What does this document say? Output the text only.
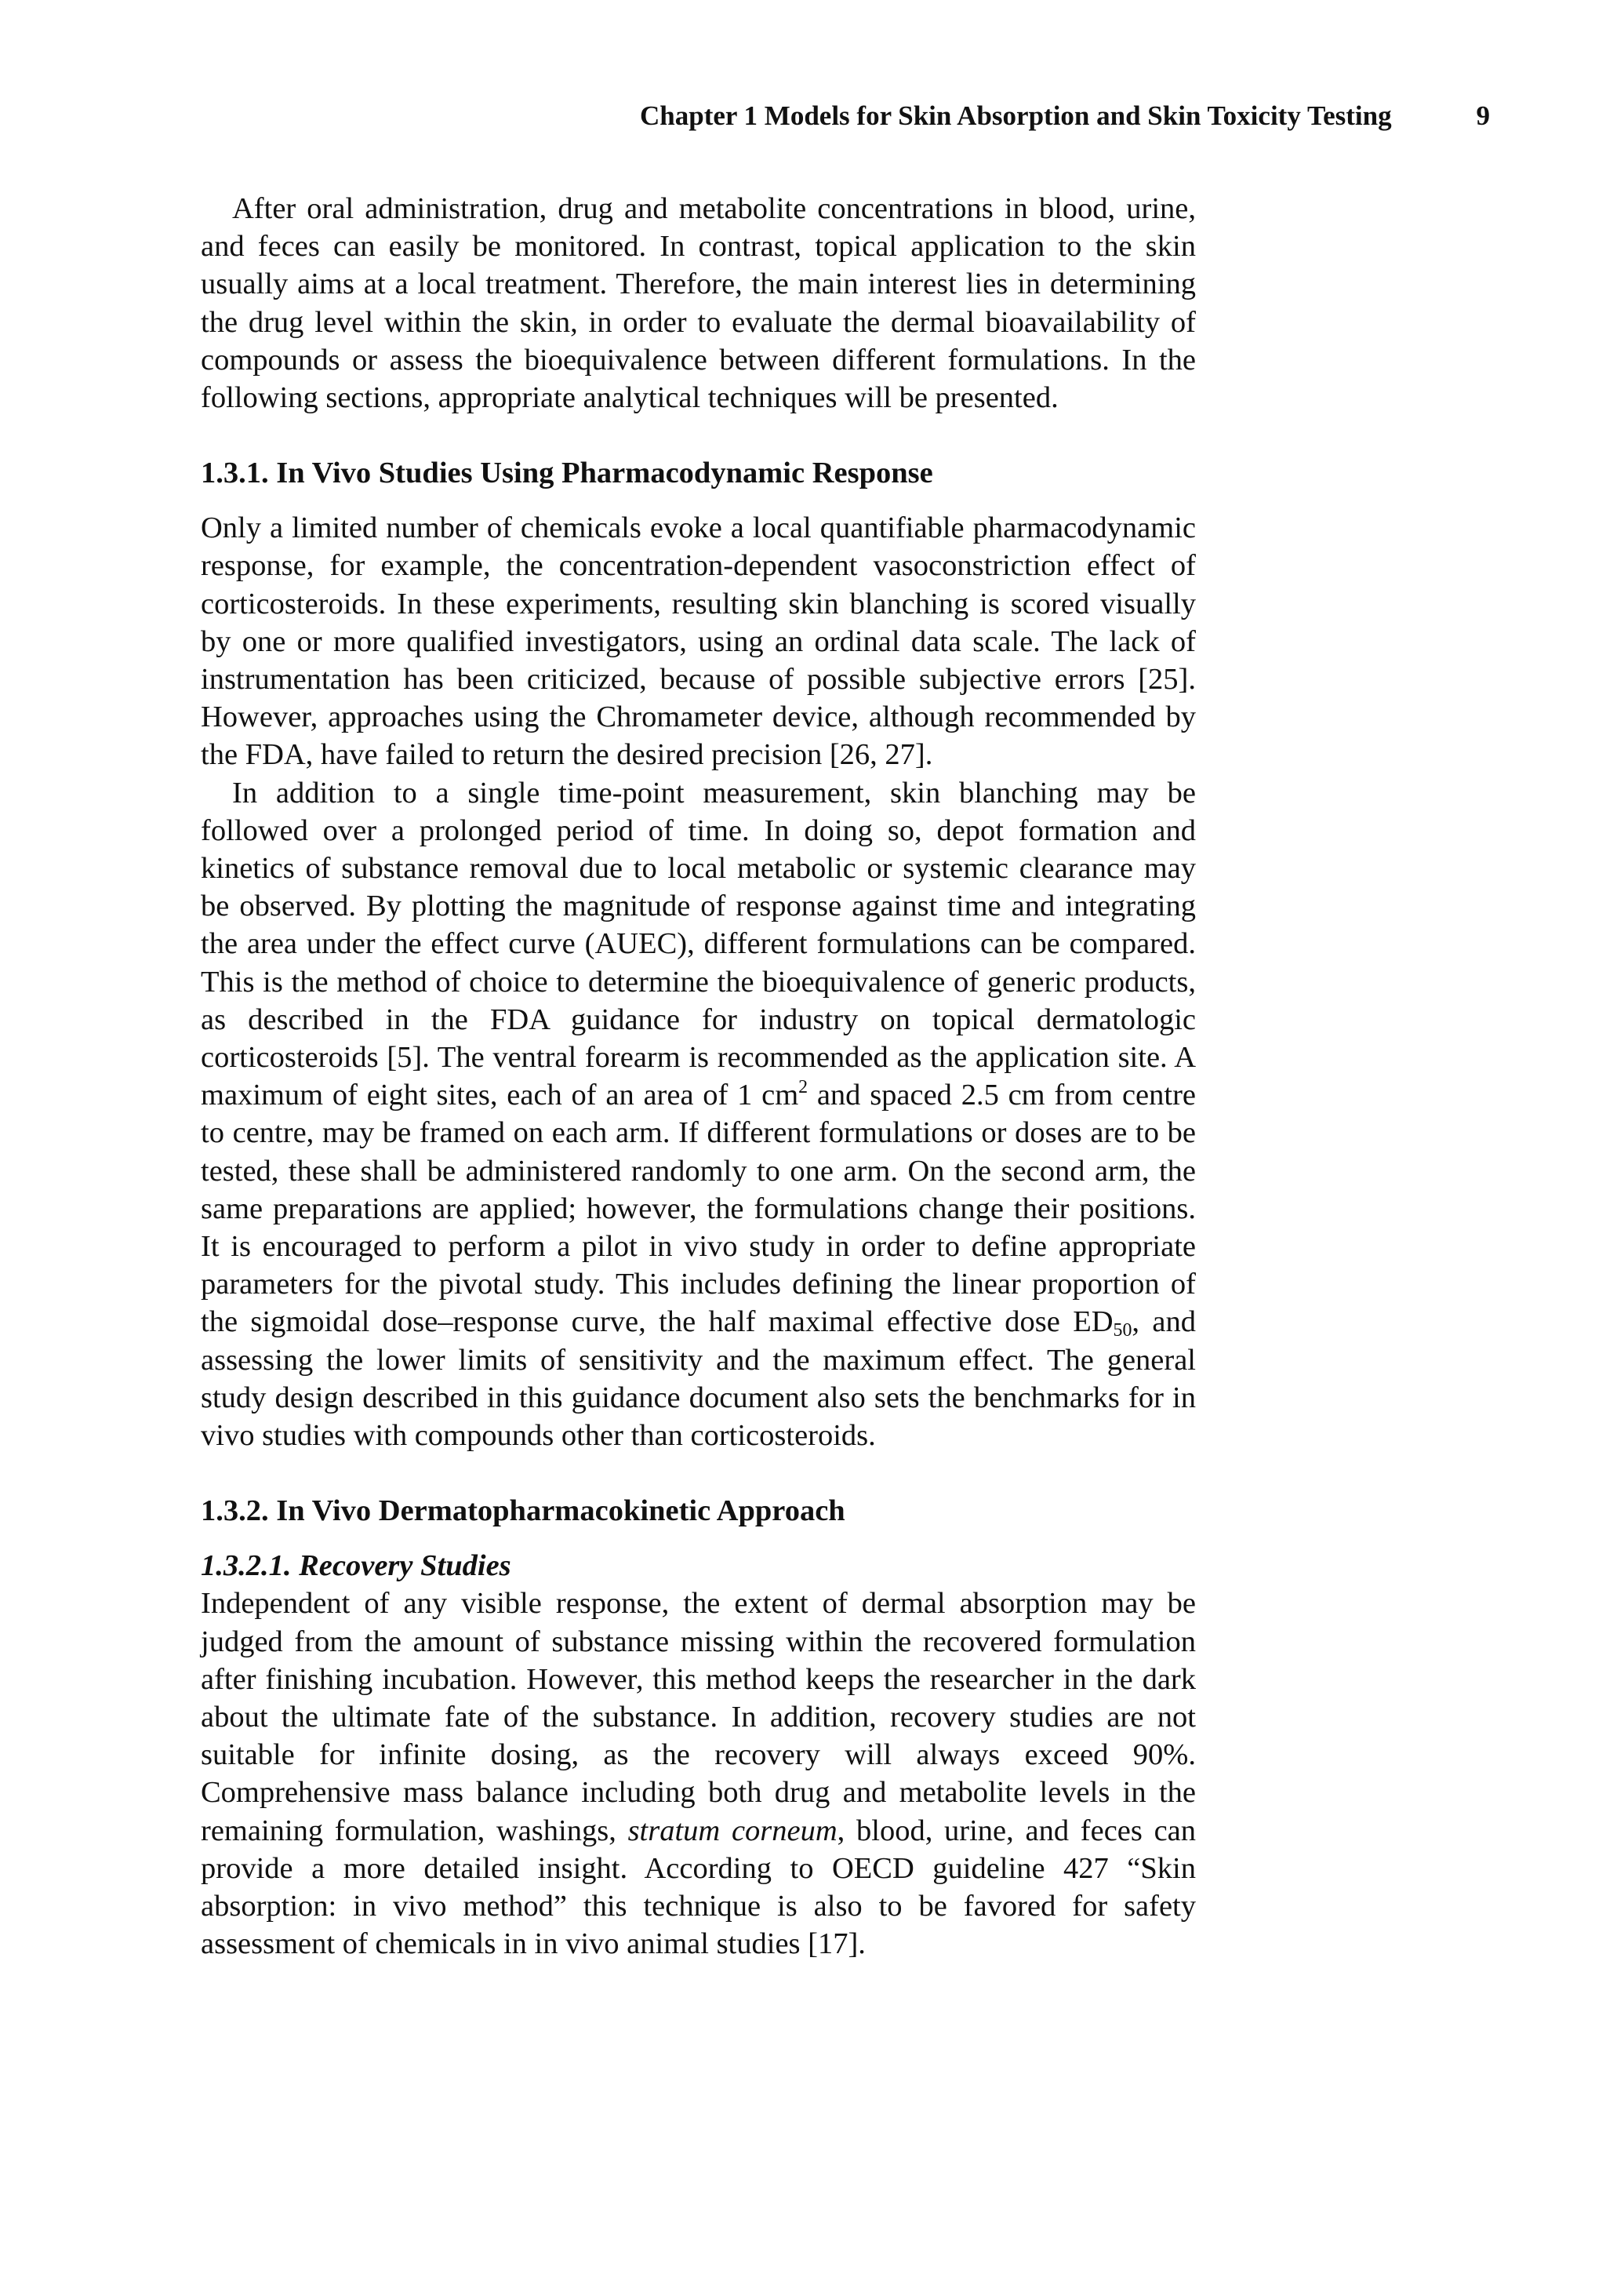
Chapter 1 Models for Skin Absorption and Skin Toxicity Testing	9

After oral administration, drug and metabolite concentrations in blood, urine, and feces can easily be monitored. In contrast, topical application to the skin usually aims at a local treatment. Therefore, the main interest lies in determining the drug level within the skin, in order to evaluate the dermal bioavailability of compounds or assess the bioequivalence between different formulations. In the following sections, appropriate analytical techniques will be presented.

1.3.1. In Vivo Studies Using Pharmacodynamic Response

Only a limited number of chemicals evoke a local quantifiable pharmacodynamic response, for example, the concentration-dependent vasoconstriction effect of corticosteroids. In these experiments, resulting skin blanching is scored visually by one or more qualified investigators, using an ordinal data scale. The lack of instrumentation has been criticized, because of possible subjective errors [25]. However, approaches using the Chromameter device, although recommended by the FDA, have failed to return the desired precision [26, 27].

In addition to a single time-point measurement, skin blanching may be followed over a prolonged period of time. In doing so, depot formation and kinetics of substance removal due to local metabolic or systemic clearance may be observed. By plotting the magnitude of response against time and integrating the area under the effect curve (AUEC), different formulations can be compared. This is the method of choice to determine the bioequivalence of generic products, as described in the FDA guidance for industry on topical dermatologic corticosteroids [5]. The ventral forearm is recommended as the application site. A maximum of eight sites, each of an area of 1 $cm^2$ and spaced 2.5 cm from centre to centre, may be framed on each arm. If different formulations or doses are to be tested, these shall be administered randomly to one arm. On the second arm, the same preparations are applied; however, the formulations change their positions. It is encouraged to perform a pilot in vivo study in order to define appropriate parameters for the pivotal study. This includes defining the linear proportion of the sigmoidal dose–response curve, the half maximal effective dose $ED_{50}$, and assessing the lower limits of sensitivity and the maximum effect. The general study design described in this guidance document also sets the benchmarks for in vivo studies with compounds other than corticosteroids.

1.3.2. In Vivo Dermatopharmacokinetic Approach
1.3.2.1. Recovery Studies

Independent of any visible response, the extent of dermal absorption may be judged from the amount of substance missing within the recovered formulation after finishing incubation. However, this method keeps the researcher in the dark about the ultimate fate of the substance. In addition, recovery studies are not suitable for infinite dosing, as the recovery will always exceed 90%. Comprehensive mass balance including both drug and metabolite levels in the remaining formulation, washings, stratum corneum, blood, urine, and feces can provide a more detailed insight. According to OECD guideline 427 “Skin absorption: in vivo method” this technique is also to be favored for safety assessment of chemicals in in vivo animal studies [17].
